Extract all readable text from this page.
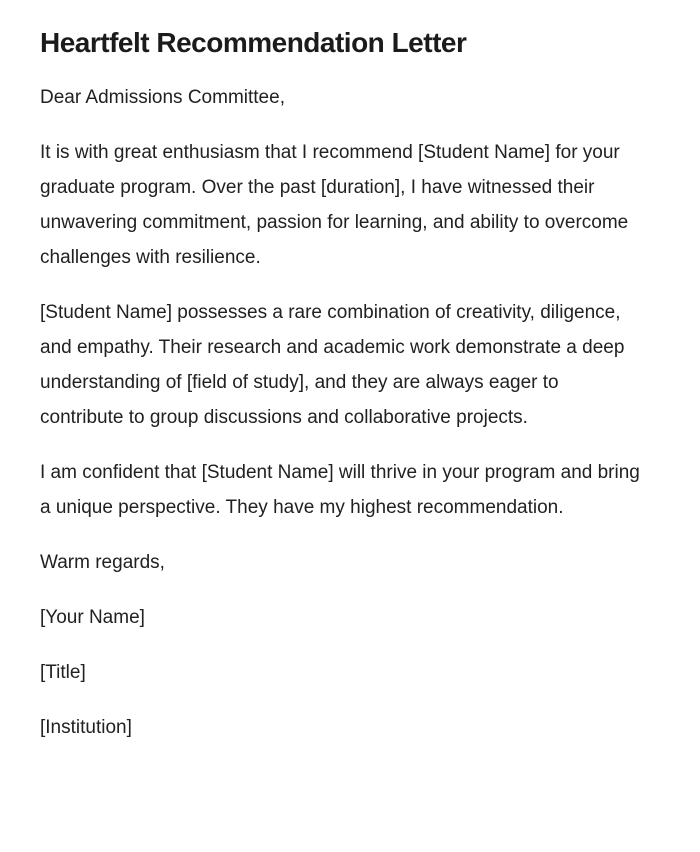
Heartfelt Recommendation Letter

Dear Admissions Committee,

It is with great enthusiasm that I recommend [Student Name] for your graduate program. Over the past [duration], I have witnessed their unwavering commitment, passion for learning, and ability to overcome challenges with resilience.

[Student Name] possesses a rare combination of creativity, diligence, and empathy. Their research and academic work demonstrate a deep understanding of [field of study], and they are always eager to contribute to group discussions and collaborative projects.

I am confident that [Student Name] will thrive in your program and bring a unique perspective. They have my highest recommendation.

Warm regards,

[Your Name]

[Title]

[Institution]
